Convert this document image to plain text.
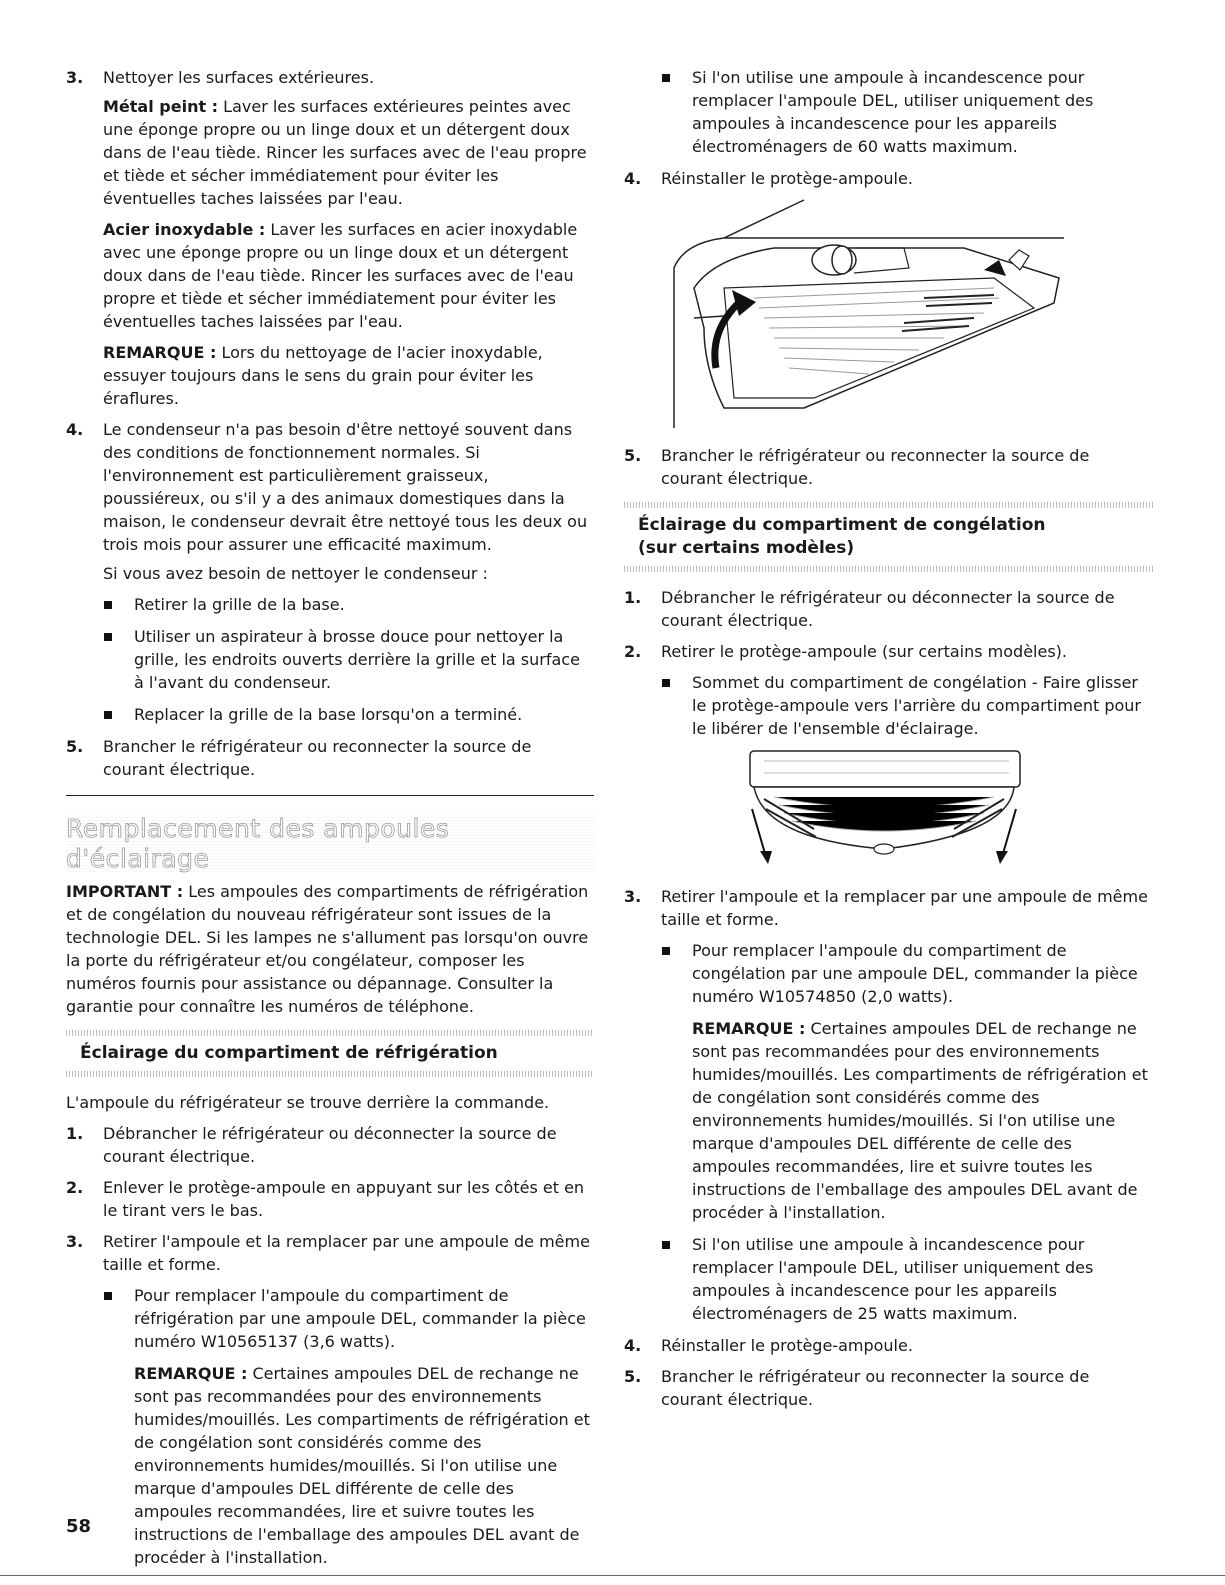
3. Nettoyer les surfaces extérieures.

Métal peint : Laver les surfaces extérieures peintes avec une éponge propre ou un linge doux et un détergent doux dans de l'eau tiède. Rincer les surfaces avec de l'eau propre et tiède et sécher immédiatement pour éviter les éventuelles taches laissées par l'eau.

Acier inoxydable : Laver les surfaces en acier inoxydable avec une éponge propre ou un linge doux et un détergent doux dans de l'eau tiède. Rincer les surfaces avec de l'eau propre et tiède et sécher immédiatement pour éviter les éventuelles taches laissées par l'eau.

REMARQUE : Lors du nettoyage de l'acier inoxydable, essuyer toujours dans le sens du grain pour éviter les éraflures.

4. Le condenseur n'a pas besoin d'être nettoyé souvent dans des conditions de fonctionnement normales. Si l'environnement est particulièrement graisseux, poussiéreux, ou s'il y a des animaux domestiques dans la maison, le condenseur devrait être nettoyé tous les deux ou trois mois pour assurer une efficacité maximum.

Si vous avez besoin de nettoyer le condenseur :

Retirer la grille de la base.
Utiliser un aspirateur à brosse douce pour nettoyer la grille, les endroits ouverts derrière la grille et la surface à l'avant du condenseur.
Replacer la grille de la base lorsqu'on a terminé.
5. Brancher le réfrigérateur ou reconnecter la source de courant électrique.

Remplacement des ampoules d'éclairage

IMPORTANT : Les ampoules des compartiments de réfrigération et de congélation du nouveau réfrigérateur sont issues de la technologie DEL. Si les lampes ne s'allument pas lorsqu'on ouvre la porte du réfrigérateur et/ou congélateur, composer les numéros fournis pour assistance ou dépannage. Consulter la garantie pour connaître les numéros de téléphone.

Éclairage du compartiment de réfrigération

L'ampoule du réfrigérateur se trouve derrière la commande.

1. Débrancher le réfrigérateur ou déconnecter la source de courant électrique.

2. Enlever le protège-ampoule en appuyant sur les côtés et en le tirant vers le bas.

3. Retirer l'ampoule et la remplacer par une ampoule de même taille et forme.

Pour remplacer l'ampoule du compartiment de réfrigération par une ampoule DEL, commander la pièce numéro W10565137 (3,6 watts).

REMARQUE : Certaines ampoules DEL de rechange ne sont pas recommandées pour des environnements humides/mouillés. Les compartiments de réfrigération et de congélation sont considérés comme des environnements humides/mouillés. Si l'on utilise une marque d'ampoules DEL différente de celle des ampoules recommandées, lire et suivre toutes les instructions de l'emballage des ampoules DEL avant de procéder à l'installation.

Si l'on utilise une ampoule à incandescence pour remplacer l'ampoule DEL, utiliser uniquement des ampoules à incandescence pour les appareils électroménagers de 60 watts maximum.
4. Réinstaller le protège-ampoule.

5. Brancher le réfrigérateur ou reconnecter la source de courant électrique.

Éclairage du compartiment de congélation
(sur certains modèles)
1. Débrancher le réfrigérateur ou déconnecter la source de courant électrique.

2. Retirer le protège-ampoule (sur certains modèles).

Sommet du compartiment de congélation - Faire glisser le protège-ampoule vers l'arrière du compartiment pour le libérer de l'ensemble d'éclairage.
3. Retirer l'ampoule et la remplacer par une ampoule de même taille et forme.

Pour remplacer l'ampoule du compartiment de congélation par une ampoule DEL, commander la pièce numéro W10574850 (2,0 watts).

REMARQUE : Certaines ampoules DEL de rechange ne sont pas recommandées pour des environnements humides/mouillés. Les compartiments de réfrigération et de congélation sont considérés comme des environnements humides/mouillés. Si l'on utilise une marque d'ampoules DEL différente de celle des ampoules recommandées, lire et suivre toutes les instructions de l'emballage des ampoules DEL avant de procéder à l'installation.

Si l'on utilise une ampoule à incandescence pour remplacer l'ampoule DEL, utiliser uniquement des ampoules à incandescence pour les appareils électroménagers de 25 watts maximum.
4. Réinstaller le protège-ampoule.

5. Brancher le réfrigérateur ou reconnecter la source de courant électrique.

58
